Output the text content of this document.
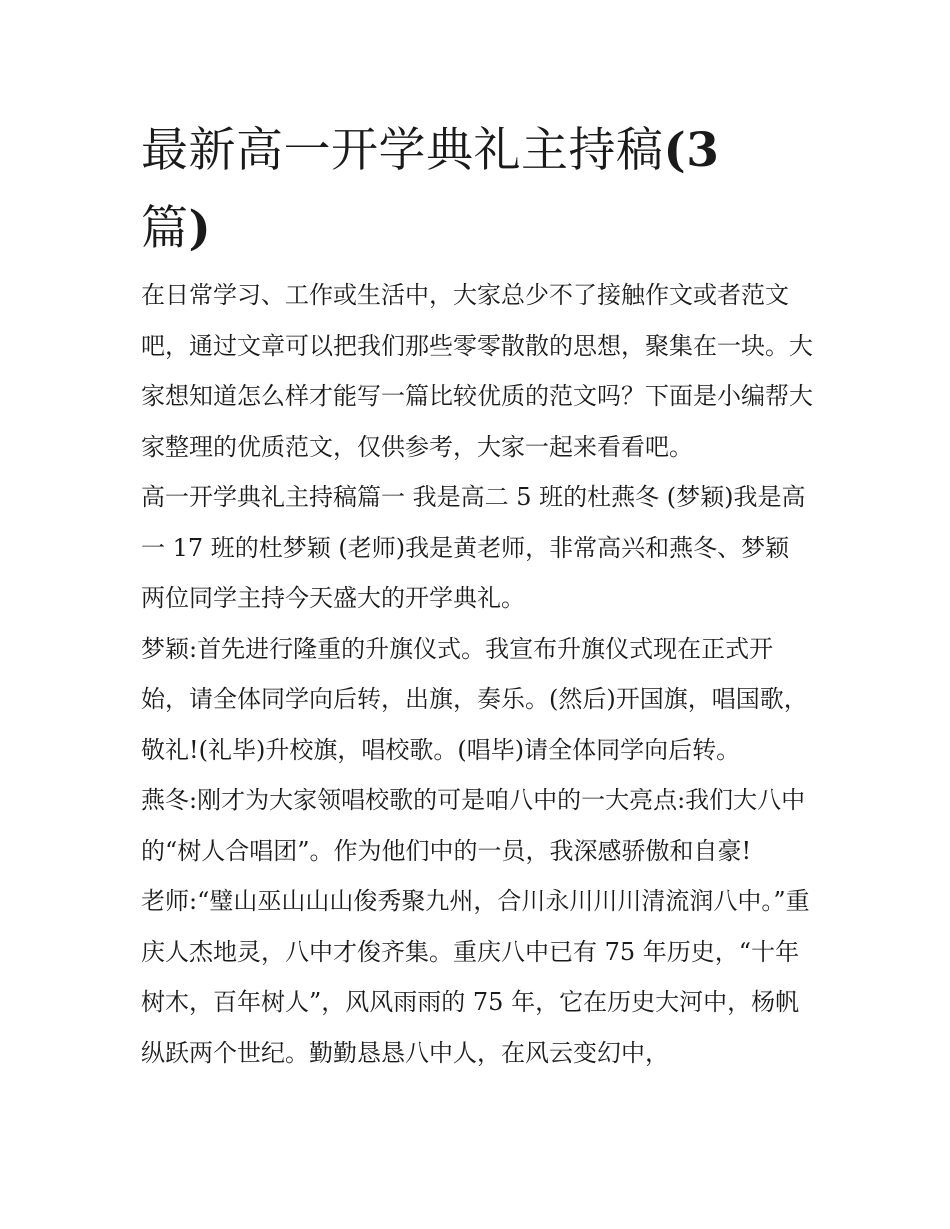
最新高一开学典礼主持稿(3
篇)

在日常学习、工作或生活中，大家总少不了接触作文或者范文吧，通过文章可以把我们那些零零散散的思想，聚集在一块。大家想知道怎么样才能写一篇比较优质的范文吗？下面是小编帮大家整理的优质范文，仅供参考，大家一起来看看吧。

高一开学典礼主持稿篇一 我是高二 5 班的杜燕冬 (梦颖)我是高一 17 班的杜梦颖 (老师)我是黄老师，非常高兴和燕冬、梦颖两位同学主持今天盛大的开学典礼。

梦颖:首先进行隆重的升旗仪式。我宣布升旗仪式现在正式开始，请全体同学向后转，出旗，奏乐。(然后)开国旗，唱国歌，敬礼!(礼毕)升校旗，唱校歌。(唱毕)请全体同学向后转。

燕冬:刚才为大家领唱校歌的可是咱八中的一大亮点:我们大八中的“树人合唱团”。作为他们中的一员，我深感骄傲和自豪!

老师:“璧山巫山山山俊秀聚九州，合川永川川川清流润八中。”重庆人杰地灵，八中才俊齐集。重庆八中已有 75 年历史，“十年树木，百年树人”，风风雨雨的 75 年，它在历史大河中，杨帆纵跃两个世纪。勤勤恳恳八中人，在风云变幻中，
